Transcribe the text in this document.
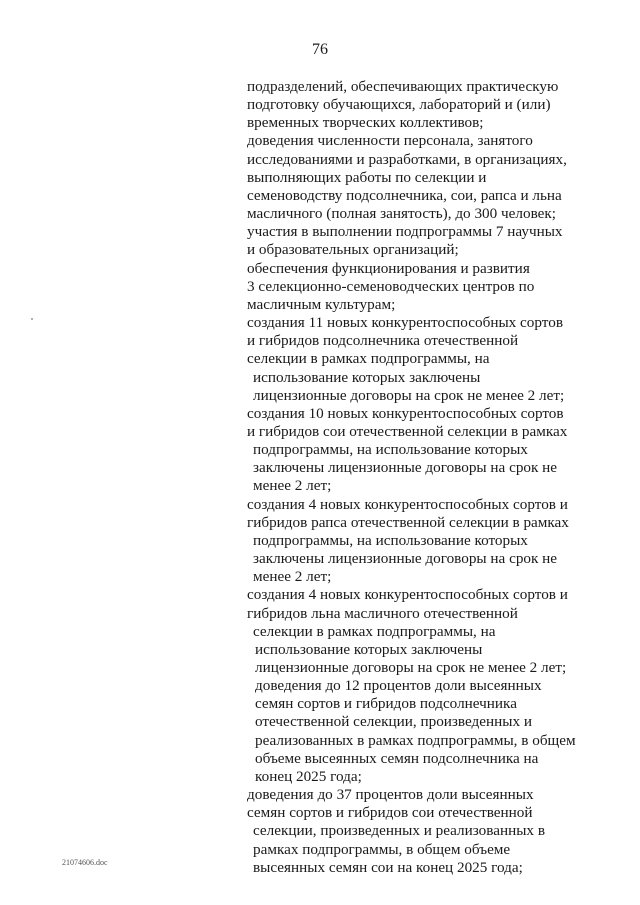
76
подразделений, обеспечивающих практическую
подготовку обучающихся, лабораторий и (или)
временных творческих коллективов;
доведения численности персонала, занятого
исследованиями и разработками, в организациях,
выполняющих работы по селекции и
семеноводству подсолнечника, сои, рапса и льна
масличного (полная занятость), до 300 человек;
участия в выполнении подпрограммы 7 научных
и образовательных организаций;
обеспечения функционирования и развития
3 селекционно-семеноводческих центров по
масличным культурам;
создания 11 новых конкурентоспособных сортов
и гибридов подсолнечника отечественной
селекции в рамках подпрограммы, на
использование которых заключены
лицензионные договоры на срок не менее 2 лет;
создания 10 новых конкурентоспособных сортов
и гибридов сои отечественной селекции в рамках
подпрограммы, на использование которых
заключены лицензионные договоры на срок не
менее 2 лет;
создания 4 новых конкурентоспособных сортов и
гибридов рапса отечественной селекции в рамках
подпрограммы, на использование которых
заключены лицензионные договоры на срок не
менее 2 лет;
создания 4 новых конкурентоспособных сортов и
гибридов льна масличного отечественной
селекции в рамках подпрограммы, на
использование которых заключены
лицензионные договоры на срок не менее 2 лет;
доведения до 12 процентов доли высеянных
семян сортов и гибридов подсолнечника
отечественной селекции, произведенных и
реализованных в рамках подпрограммы, в общем
объеме высеянных семян подсолнечника на
конец 2025 года;
доведения до 37 процентов доли высеянных
семян сортов и гибридов сои отечественной
селекции, произведенных и реализованных в
рамках подпрограммы, в общем объеме
высеянных семян сои на конец 2025 года;
21074606.doc
